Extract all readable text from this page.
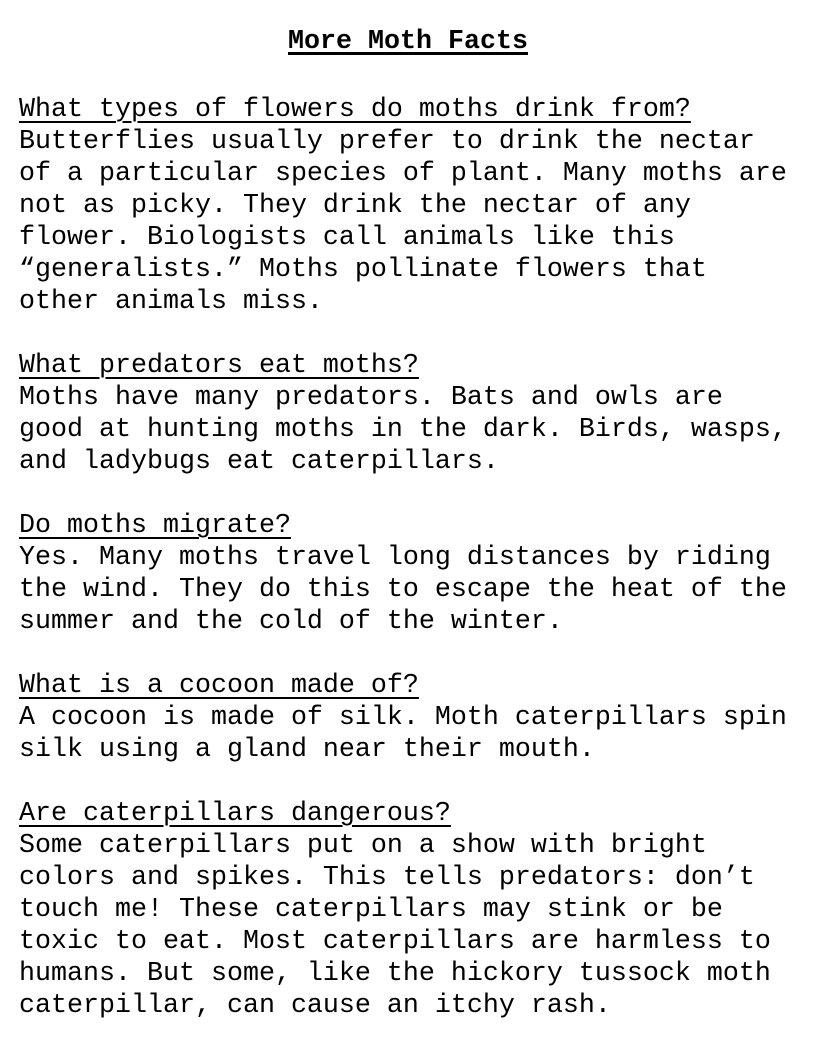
More Moth Facts
What types of flowers do moths drink from?
Butterflies usually prefer to drink the nectar
of a particular species of plant. Many moths are
not as picky. They drink the nectar of any
flower. Biologists call animals like this
“generalists.” Moths pollinate flowers that
other animals miss.
What predators eat moths?
Moths have many predators. Bats and owls are
good at hunting moths in the dark. Birds, wasps,
and ladybugs eat caterpillars.
Do moths migrate?
Yes. Many moths travel long distances by riding
the wind. They do this to escape the heat of the
summer and the cold of the winter.
What is a cocoon made of?
A cocoon is made of silk. Moth caterpillars spin
silk using a gland near their mouth.
Are caterpillars dangerous?
Some caterpillars put on a show with bright
colors and spikes. This tells predators: don’t
touch me! These caterpillars may stink or be
toxic to eat. Most caterpillars are harmless to
humans. But some, like the hickory tussock moth
caterpillar, can cause an itchy rash.
